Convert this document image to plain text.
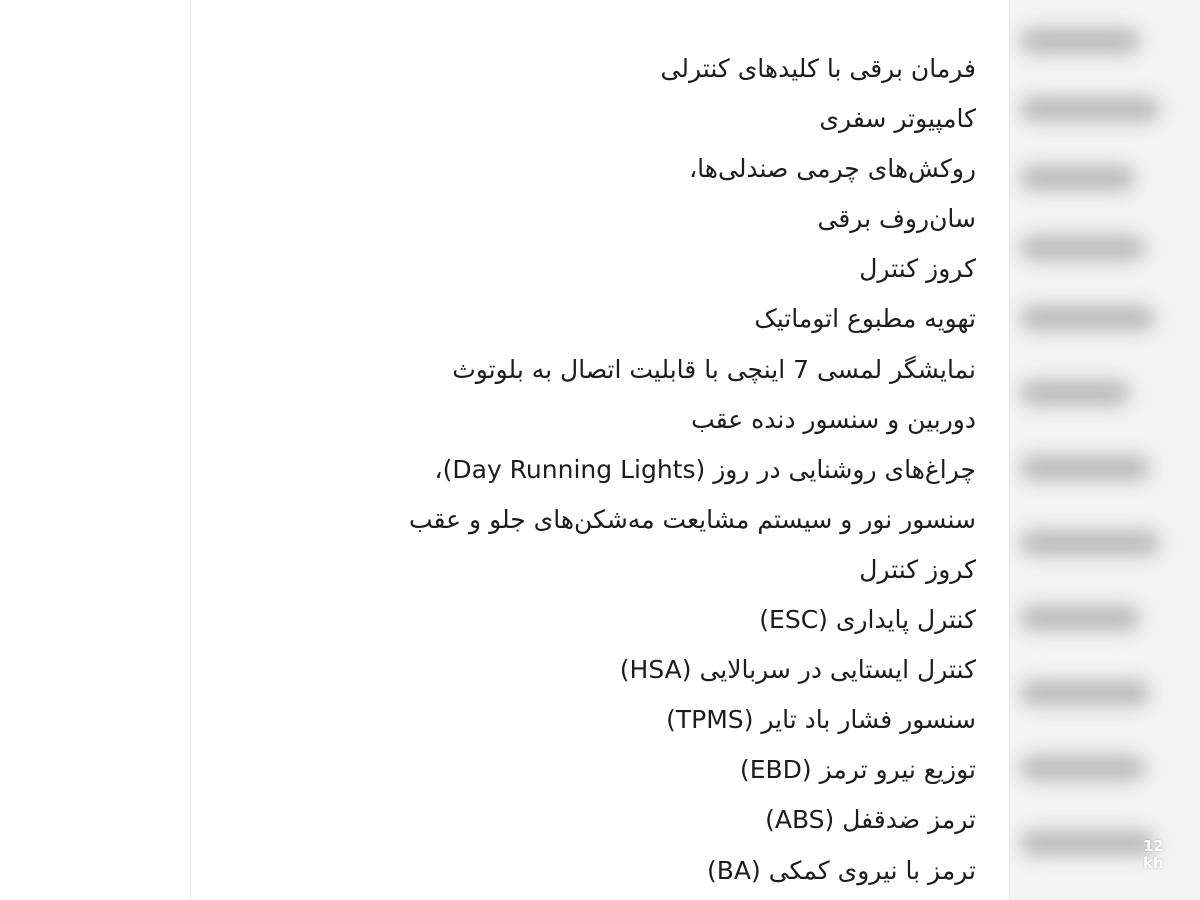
فرمان برقی با کلیدهای کنترلی
کامپیوتر سفری
روکش‌های چرمی صندلی‌ها،
سان‌روف برقی
کروز کنترل
تهویه مطبوع اتوماتیک
نمایشگر لمسی 7 اینچی با قابلیت اتصال به بلوتوث
دوربین و سنسور دنده عقب
چراغ‌های روشنایی در روز (Day Running Lights)،
سنسور نور و سیستم مشایعت مه‌شکن‌های جلو و عقب
کروز کنترل
کنترل پایداری (ESC)
کنترل ایستایی در سربالایی (HSA)
سنسور فشار باد تایر (TPMS)
توزیع نیرو ترمز (EBD)
ترمز ضدقفل (ABS)
ترمز با نیروی کمکی (BA)
12
kh
